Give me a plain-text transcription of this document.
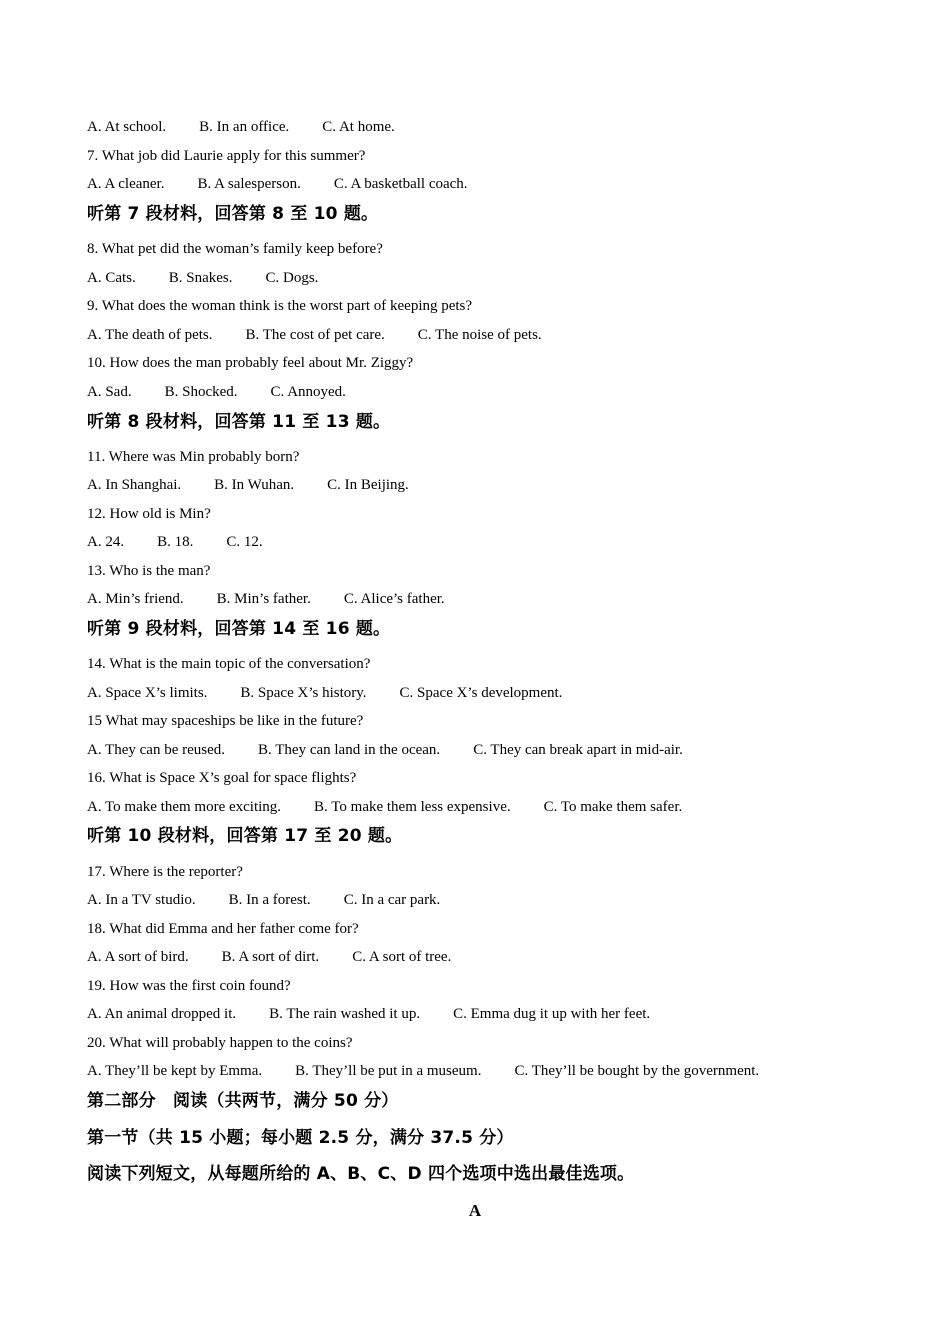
A. At school. B. In an office. C. At home.
7. What job did Laurie apply for this summer?
A. A cleaner. B. A salesperson. C. A basketball coach.
听第 7 段材料，回答第 8 至 10 题。
8. What pet did the woman’s family keep before?
A. Cats. B. Snakes. C. Dogs.
9. What does the woman think is the worst part of keeping pets?
A. The death of pets. B. The cost of pet care. C. The noise of pets.
10. How does the man probably feel about Mr. Ziggy?
A. Sad. B. Shocked. C. Annoyed.
听第 8 段材料，回答第 11 至 13 题。
11. Where was Min probably born?
A. In Shanghai. B. In Wuhan. C. In Beijing.
12. How old is Min?
A. 24. B. 18. C. 12.
13. Who is the man?
A. Min’s friend. B. Min’s father. C. Alice’s father.
听第 9 段材料，回答第 14 至 16 题。
14. What is the main topic of the conversation?
A. Space X’s limits. B. Space X’s history. C. Space X’s development.
15 What may spaceships be like in the future?
A. They can be reused. B. They can land in the ocean. C. They can break apart in mid-air.
16. What is Space X’s goal for space flights?
A. To make them more exciting. B. To make them less expensive. C. To make them safer.
听第 10 段材料，回答第 17 至 20 题。
17. Where is the reporter?
A. In a TV studio. B. In a forest. C. In a car park.
18. What did Emma and her father come for?
A. A sort of bird. B. A sort of dirt. C. A sort of tree.
19. How was the first coin found?
A. An animal dropped it. B. The rain washed it up. C. Emma dug it up with her feet.
20. What will probably happen to the coins?
A. They’ll be kept by Emma. B. They’ll be put in a museum. C. They’ll be bought by the government.
第二部分　阅读（共两节，满分 50 分）
第一节（共 15 小题；每小题 2.5 分，满分 37.5 分）
阅读下列短文，从每题所给的 A、B、C、D 四个选项中选出最佳选项。
A
